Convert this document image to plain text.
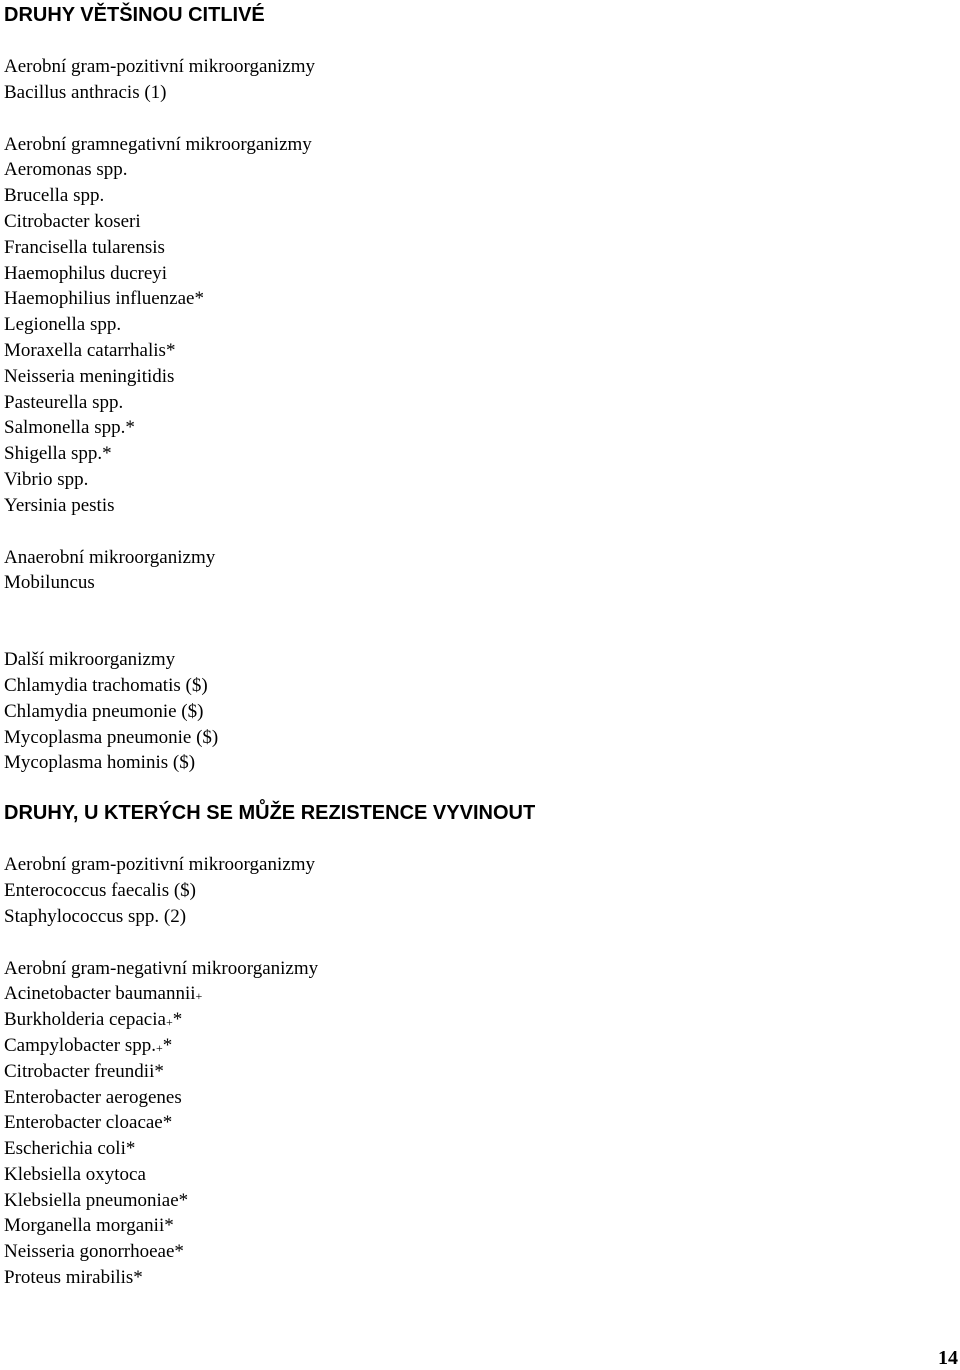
DRUHY VĚTŠINOU CITLIVÉ
Aerobní gram-pozitivní mikroorganizmy
Bacillus anthracis (1)
Aerobní gramnegativní mikroorganizmy
Aeromonas spp.
Brucella spp.
Citrobacter koseri
Francisella tularensis
Haemophilus ducreyi
Haemophilius influenzae*
Legionella spp.
Moraxella catarrhalis*
Neisseria meningitidis
Pasteurella spp.
Salmonella spp.*
Shigella spp.*
Vibrio spp.
Yersinia pestis
Anaerobní mikroorganizmy
Mobiluncus
Další mikroorganizmy
Chlamydia trachomatis ($)
Chlamydia pneumonie ($)
Mycoplasma pneumonie ($)
Mycoplasma hominis ($)
DRUHY, U KTERÝCH SE MŮŽE REZISTENCE VYVINOUT
Aerobní gram-pozitivní mikroorganizmy
Enterococcus faecalis ($)
Staphylococcus spp. (2)
Aerobní gram-negativní mikroorganizmy
Acinetobacter baumannii+
Burkholderia cepacia+*
Campylobacter spp.+*
Citrobacter freundii*
Enterobacter aerogenes
Enterobacter cloacae*
Escherichia coli*
Klebsiella oxytoca
Klebsiella pneumoniae*
Morganella morganii*
Neisseria gonorrhoeae*
Proteus mirabilis*
14
